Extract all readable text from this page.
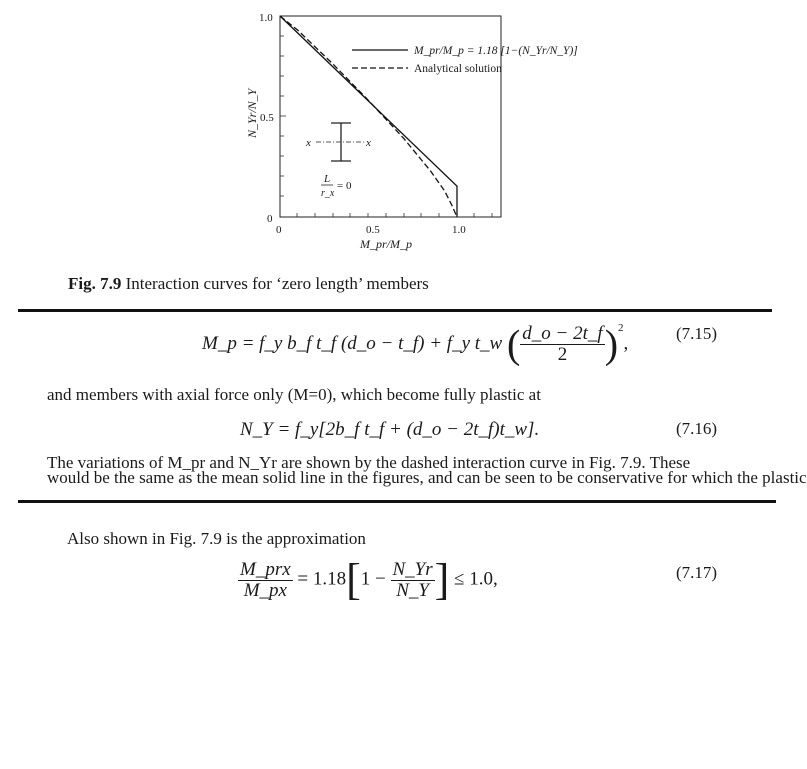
1.0
0.5
0
0	0.5	1.0
M_pr/M_p
N_Yr/N_Y
M_pr/M_p = 1.18 [1−(N_Yr/N_Y)]
Analytical solution
x	x
L
r_x
= 0
Fig. 7.9 Interaction curves for ‘zero length’ members
M_p = f_y b_f t_f (d_o − t_f) + f_y t_w ( $\frac{d\_o - 2t\_f}{2} )^2$,	(7.15)
and members with axial force only (M=0), which become fully plastic at
N_Y = f_y[2b_f t_f + (d_o − 2t_f)t_w].	(7.16)
The variations of M_pr and N_Yr are shown by the dashed interaction curve in Fig. 7.9. These
would be the same as the mean solid line in the figures, and can be seen to be conservative for which the plastic
Also shown in Fig. 7.9 is the approximation
$\frac{\text{M\_prx}}{M\_px} = 1.18[1 - \frac{N\_Yr}{N\_Y}$ ] ≤ 1.0,	(7.17)
